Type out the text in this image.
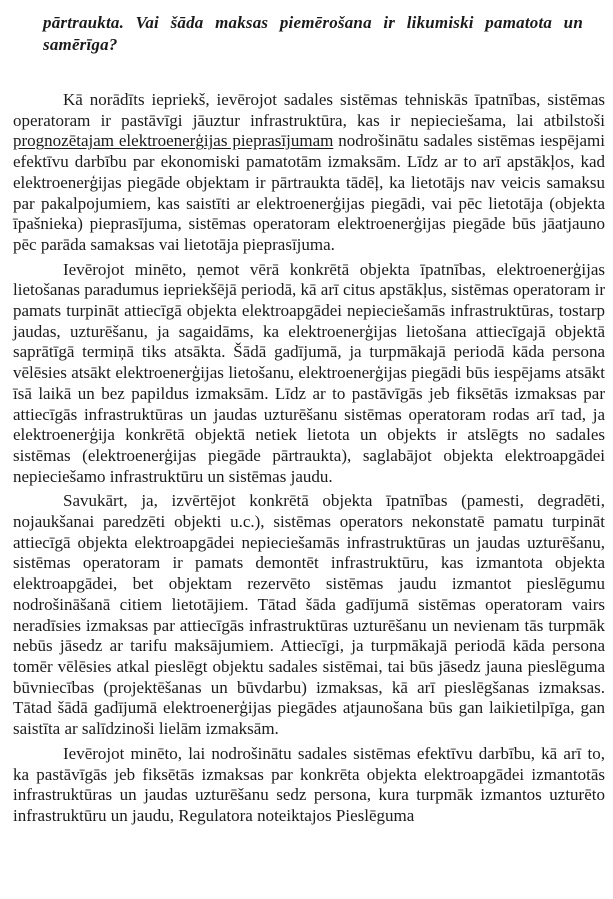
pārtraukta. Vai šāda maksas piemērošana ir likumiski pamatota un samērīga?

Kā norādīts iepriekš, ievērojot sadales sistēmas tehniskās īpatnības, sistēmas operatoram ir pastāvīgi jāuztur infrastruktūra, kas ir nepieciešama, lai atbilstoši prognozētajam elektroenerģijas pieprasījumam nodrošinātu sadales sistēmas iespējami efektīvu darbību par ekonomiski pamatotām izmaksām. Līdz ar to arī apstākļos, kad elektroenerģijas piegāde objektam ir pārtraukta tādēļ, ka lietotājs nav veicis samaksu par pakalpojumiem, kas saistīti ar elektroenerģijas piegādi, vai pēc lietotāja (objekta īpašnieka) pieprasījuma, sistēmas operatoram elektroenerģijas piegāde būs jāatjauno pēc parāda samaksas vai lietotāja pieprasījuma.

Ievērojot minēto, ņemot vērā konkrētā objekta īpatnības, elektroenerģijas lietošanas paradumus iepriekšējā periodā, kā arī citus apstākļus, sistēmas operatoram ir pamats turpināt attiecīgā objekta elektroapgādei nepieciešamās infrastruktūras, tostarp jaudas, uzturēšanu, ja sagaidāms, ka elektroenerģijas lietošana attiecīgajā objektā saprātīgā termiņā tiks atsākta. Šādā gadījumā, ja turpmākajā periodā kāda persona vēlēsies atsākt elektroenerģijas lietošanu, elektroenerģijas piegādi būs iespējams atsākt īsā laikā un bez papildus izmaksām. Līdz ar to pastāvīgās jeb fiksētās izmaksas par attiecīgās infrastruktūras un jaudas uzturēšanu sistēmas operatoram rodas arī tad, ja elektroenerģija konkrētā objektā netiek lietota un objekts ir atslēgts no sadales sistēmas (elektroenerģijas piegāde pārtraukta), saglabājot objekta elektroapgādei nepieciešamo infrastruktūru un sistēmas jaudu.

Savukārt, ja, izvērtējot konkrētā objekta īpatnības (pamesti, degradēti, nojaukšanai paredzēti objekti u.c.), sistēmas operators nekonstatē pamatu turpināt attiecīgā objekta elektroapgādei nepieciešamās infrastruktūras un jaudas uzturēšanu, sistēmas operatoram ir pamats demontēt infrastruktūru, kas izmantota objekta elektroapgādei, bet objektam rezervēto sistēmas jaudu izmantot pieslēgumu nodrošināšanā citiem lietotājiem. Tātad šāda gadījumā sistēmas operatoram vairs neradīsies izmaksas par attiecīgās infrastruktūras uzturēšanu un nevienam tās turpmāk nebūs jāsedz ar tarifu maksājumiem. Attiecīgi, ja turpmākajā periodā kāda persona tomēr vēlēsies atkal pieslēgt objektu sadales sistēmai, tai būs jāsedz jauna pieslēguma būvniecības (projektēšanas un būvdarbu) izmaksas, kā arī pieslēgšanas izmaksas. Tātad šādā gadījumā elektroenerģijas piegādes atjaunošana būs gan laikietilpīga, gan saistīta ar salīdzinoši lielām izmaksām.

Ievērojot minēto, lai nodrošinātu sadales sistēmas efektīvu darbību, kā arī to, ka pastāvīgās jeb fiksētās izmaksas par konkrēta objekta elektroapgādei izmantotās infrastruktūras un jaudas uzturēšanu sedz persona, kura turpmāk izmantos uzturēto infrastruktūru un jaudu, Regulatora noteiktajos Pieslēguma
